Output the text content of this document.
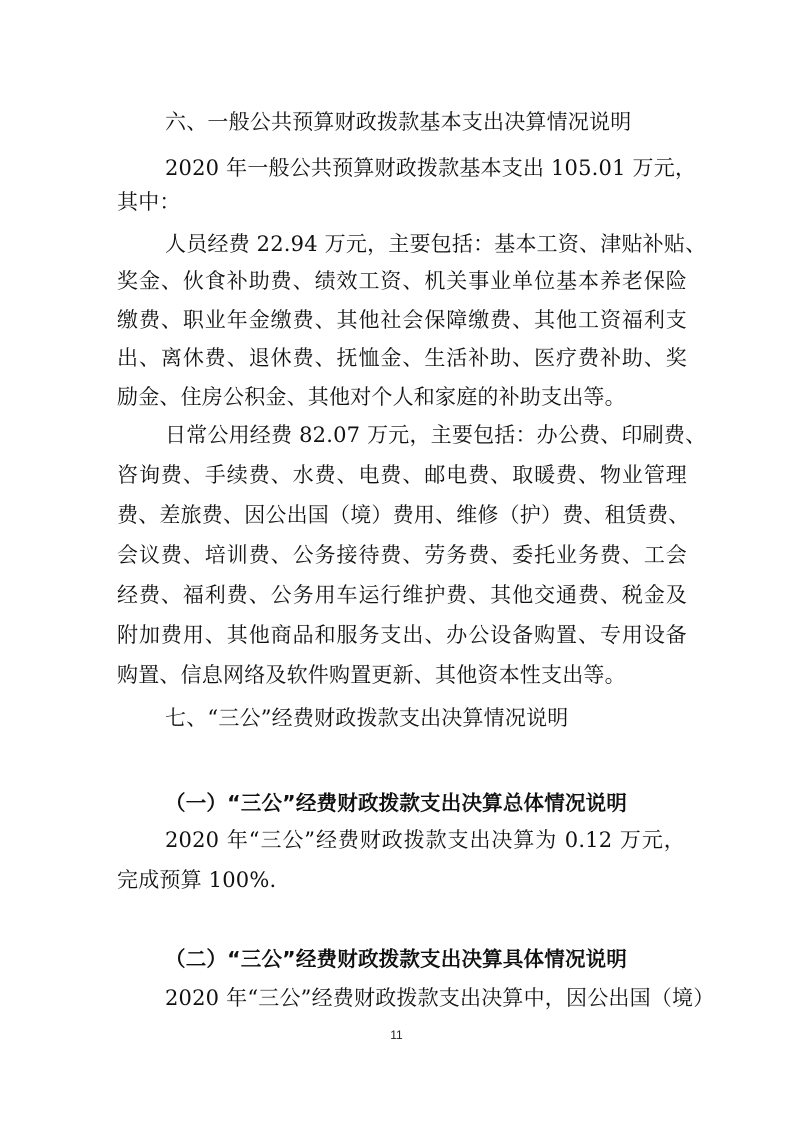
六、一般公共预算财政拨款基本支出决算情况说明
2020 年一般公共预算财政拨款基本支出 105.01 万元，
其中：
人员经费 22.94 万元，主要包括：基本工资、津贴补贴、
奖金、伙食补助费、绩效工资、机关事业单位基本养老保险
缴费、职业年金缴费、其他社会保障缴费、其他工资福利支
出、离休费、退休费、抚恤金、生活补助、医疗费补助、奖
励金、住房公积金、其他对个人和家庭的补助支出等。
日常公用经费 82.07 万元，主要包括：办公费、印刷费、
咨询费、手续费、水费、电费、邮电费、取暖费、物业管理
费、差旅费、因公出国（境）费用、维修（护）费、租赁费、
会议费、培训费、公务接待费、劳务费、委托业务费、工会
经费、福利费、公务用车运行维护费、其他交通费、税金及
附加费用、其他商品和服务支出、办公设备购置、专用设备
购置、信息网络及软件购置更新、其他资本性支出等。
七、“三公”经费财政拨款支出决算情况说明
（一）“三公”经费财政拨款支出决算总体情况说明
2020 年“三公”经费财政拨款支出决算为 0.12 万元，
完成预算 100%.
（二）“三公”经费财政拨款支出决算具体情况说明
2020 年“三公”经费财政拨款支出决算中，因公出国（境）
11
